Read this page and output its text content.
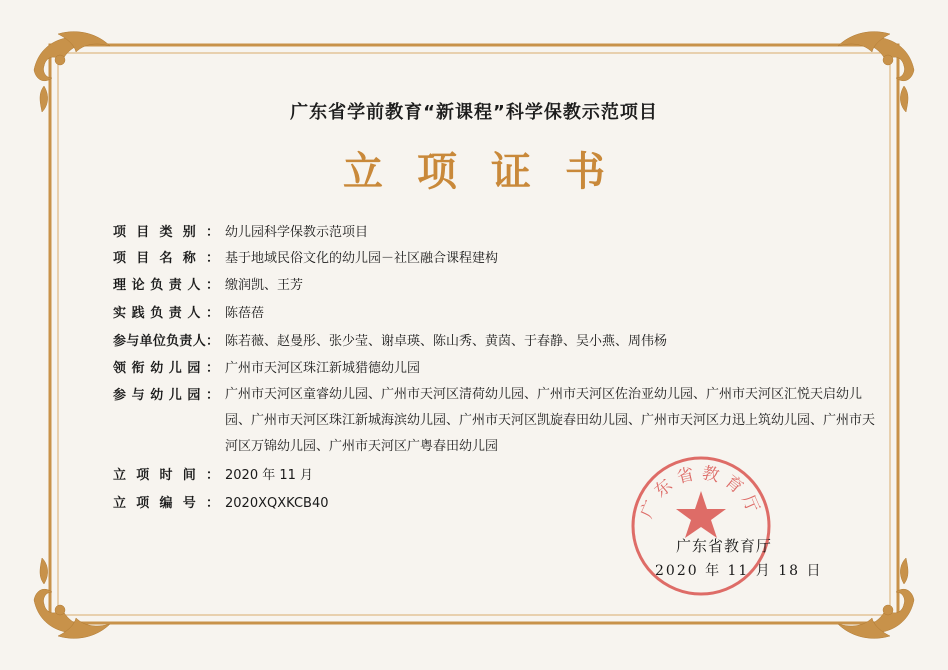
广东省学前教育“新课程”科学保教示范项目
立项证书
项 目 类 别 ： 幼儿园科学保教示范项目
项 目 名 称 ： 基于地域民俗文化的幼儿园－社区融合课程建构
理 论 负 责 人 ： 缴润凯、王芳
实 践 负 责 人 ： 陈蓓蓓
参 与 单 位 负 责 人 ： 陈若薇、赵曼彤、张少莹、谢卓瑛、陈山秀、黄茵、于春静、吴小燕、周伟杨
领 衔 幼 儿 园 ： 广州市天河区珠江新城猎德幼儿园
参 与 幼 儿 园 ： 广州市天河区童睿幼儿园、广州市天河区清荷幼儿园、广州市天河区佐治亚幼儿园、广州市天河区汇悦天启幼儿园、广州市天河区珠江新城海滨幼儿园、广州市天河区凯旋春田幼儿园、广州市天河区力迅上筑幼儿园、广州市天河区万锦幼儿园、广州市天河区广粤春田幼儿园
立 项 时 间 ： 2020 年 11 月
立 项 编 号 ： 2020XQXKCB40	广东省教育厅
广东省教育厅
2020 年 11 月 18 日
